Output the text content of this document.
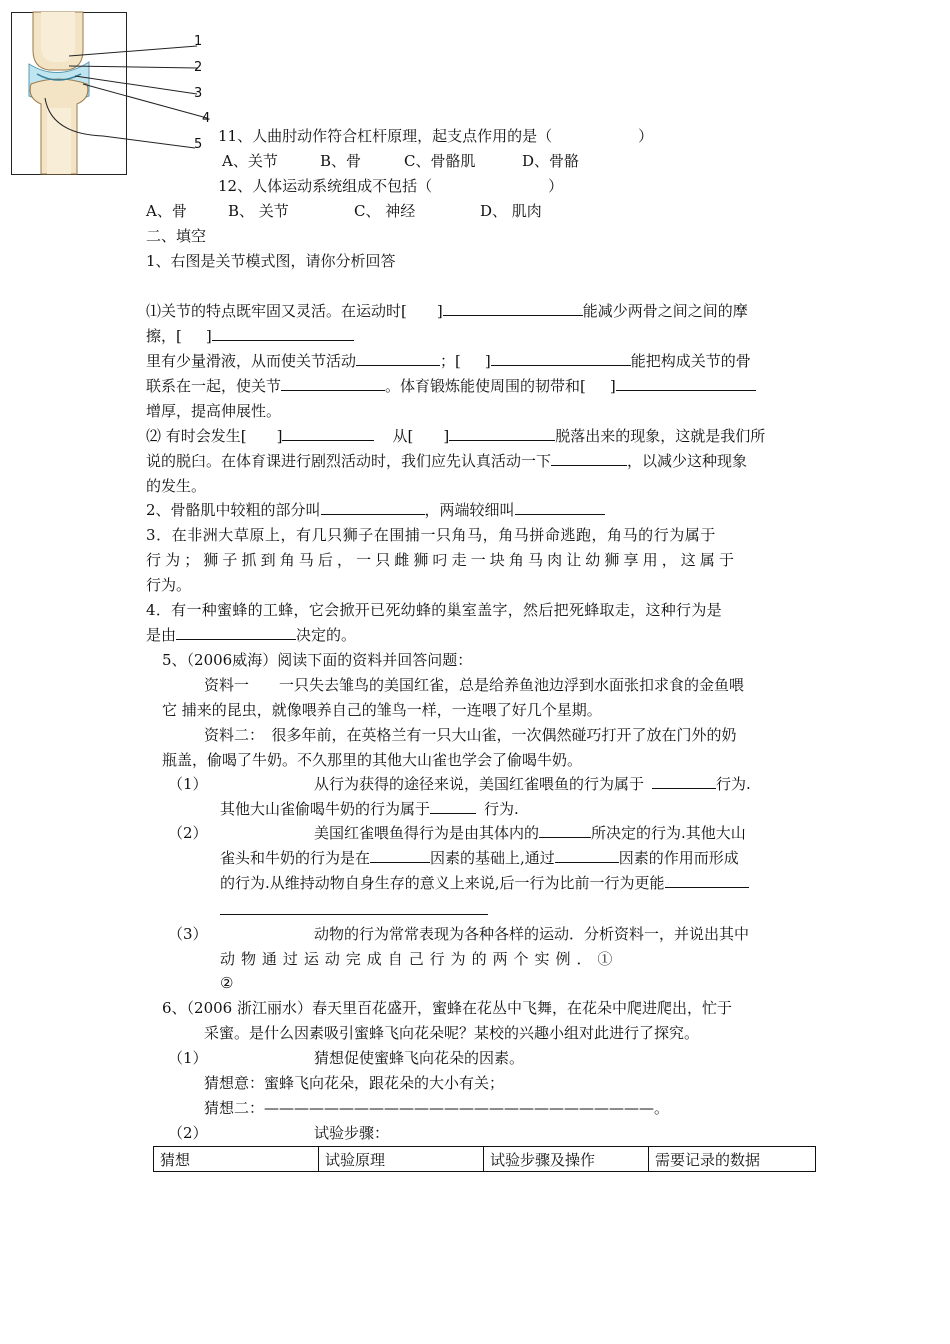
1
2
3
4
5 11、人曲肘动作符合杠杆原理，起支点作用的是（	）
A、关节	B、骨	C、骨骼肌	D、骨骼
12、人体运动系统组成不包括（	）
A、骨	B、 关节	C、 神经	D、 肌肉
二、填空
1、右图是关节模式图，请你分析回答
⑴关节的特点既牢固又灵活。在运动时[ ]	能减少两骨之间之间的摩
擦，[ ]
里有少量滑液，从而使关节活动	；[ ]	能把构成关节的骨
联系在一起，使关节	。体育锻炼能使周围的韧带和[ ]
增厚，提高伸展性。
⑵ 有时会发生[ ]	从[ ]	脱落出来的现象，这就是我们所
说的脱臼。在体育课进行剧烈活动时，我们应先认真活动一下	，以减少这种现象
的发生。
2、骨骼肌中较粗的部分叫	，两端较细叫
3．在非洲大草原上，有几只狮子在围捕一只角马，角马拼命逃跑，角马的行为属于
行为；狮子抓到角马后，一只雌狮叼走一块角马肉让幼狮享用，这属于
行为。
4．有一种蜜蜂的工蜂，它会掀开已死幼蜂的巢室盖字，然后把死蜂取走，这种行为是
是由	决定的。
5、（2006威海）阅读下面的资料并回答问题：
资料一　　一只失去雏鸟的美国红雀，总是给养鱼池边浮到水面张扣求食的金鱼喂
它 捕来的昆虫，就像喂养自己的雏鸟一样，一连喂了好几个星期。
资料二：　很多年前，在英格兰有一只大山雀，一次偶然碰巧打开了放在门外的奶
瓶盖，偷喝了牛奶。不久那里的其他大山雀也学会了偷喝牛奶。
（1）	从行为获得的途径来说，美国红雀喂鱼的行为属于	行为.
其他大山雀偷喝牛奶的行为属于	行为.
（2）	美国红雀喂鱼得行为是由其体内的	所决定的行为.其他大山
雀头和牛奶的行为是在	因素的基础上,通过	因素的作用而形成
的行为.从维持动物自身生存的意义上来说,后一行为比前一行为更能
（3）	动物的行为常常表现为各种各样的运动．分析资料一，并说出其中
动 物 通 过 运 动 完 成 自 己 行 为 的 两 个 实 例 ． ①
②
6、（2006 浙江丽水）春天里百花盛开，蜜蜂在花丛中飞舞，在花朵中爬进爬出，忙于
采蜜。是什么因素吸引蜜蜂飞向花朵呢？某校的兴趣小组对此进行了探究。
（1）	猜想促使蜜蜂飞向花朵的因素。
猜想意：蜜蜂飞向花朵，跟花朵的大小有关；
猜想二：——————————————————————————。
（2）	试验步骤：
猜想	试验原理	试验步骤及操作	需要记录的数据
